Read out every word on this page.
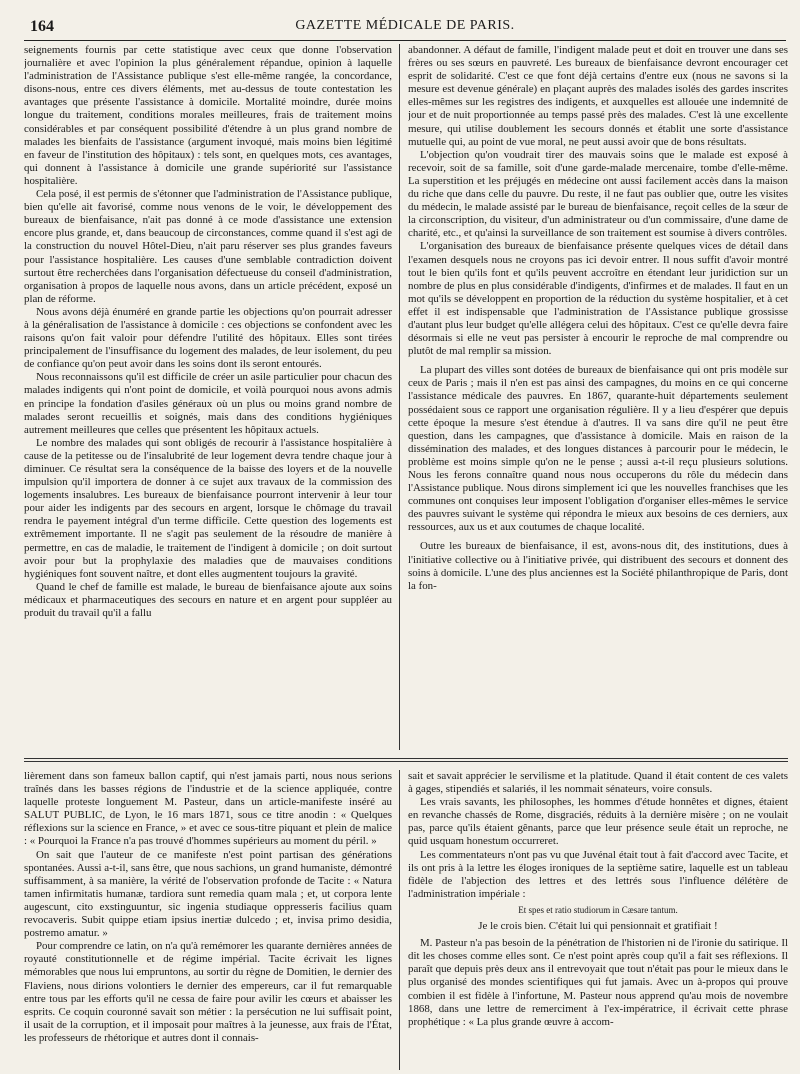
164	GAZETTE MÉDICALE DE PARIS.

seignements fournis par cette statistique avec ceux que donne l'observation journalière et avec l'opinion la plus généralement répandue, opinion à laquelle l'administration de l'Assistance publique s'est elle-même rangée, la concordance, disons-nous, entre ces divers éléments, met au-dessus de toute contestation les avantages que présente l'assistance à domicile. Mortalité moindre, durée moins longue du traitement, conditions morales meilleures, frais de traitement moins considérables et par conséquent possibilité d'étendre à un plus grand nombre de malades les bienfaits de l'assistance (argument invoqué, mais moins bien légitimé en faveur de l'institution des hôpitaux) : tels sont, en quelques mots, ces avantages, qui donnent à l'assistance à domicile une grande supériorité sur l'assistance hospitalière.

Cela posé, il est permis de s'étonner que l'administration de l'Assistance publique, bien qu'elle ait favorisé, comme nous venons de le voir, le développement des bureaux de bienfaisance, n'ait pas donné à ce mode d'assistance une extension encore plus grande, et, dans beaucoup de circonstances, comme quand il s'est agi de la construction du nouvel Hôtel-Dieu, n'ait paru réserver ses plus grandes faveurs pour l'assistance hospitalière. Les causes d'une semblable contradiction doivent surtout être recherchées dans l'organisation défectueuse du conseil d'administration, organisation à propos de laquelle nous avons, dans un article précédent, exposé un plan de réforme.

Nous avons déjà énuméré en grande partie les objections qu'on pourrait adresser à la généralisation de l'assistance à domicile : ces objections se confondent avec les raisons qu'on fait valoir pour défendre l'utilité des hôpitaux. Elles sont tirées principalement de l'insuffisance du logement des malades, de leur isolement, du peu de confiance qu'on peut avoir dans les soins dont ils seront entourés.

Nous reconnaissons qu'il est difficile de créer un asile particulier pour chacun des malades indigents qui n'ont point de domicile, et voilà pourquoi nous avons admis en principe la fondation d'asiles généraux où un plus ou moins grand nombre de malades seront recueillis et soignés, mais dans des conditions hygiéniques autrement meilleures que celles que présentent les hôpitaux actuels.

Le nombre des malades qui sont obligés de recourir à l'assistance hospitalière à cause de la petitesse ou de l'insalubrité de leur logement devra tendre chaque jour à diminuer. Ce résultat sera la conséquence de la baisse des loyers et de la nouvelle impulsion qu'il importera de donner à ce sujet aux travaux de la commission des logements insalubres. Les bureaux de bienfaisance pourront intervenir à leur tour pour aider les indigents par des secours en argent, lorsque le chômage du travail rendra le payement intégral d'un terme difficile. Cette question des logements est extrêmement importante. Il ne s'agit pas seulement de la résoudre de manière à permettre, en cas de maladie, le traitement de l'indigent à domicile ; on doit surtout avoir pour but la prophylaxie des maladies que de mauvaises conditions hygiéniques font souvent naître, et dont elles augmentent toujours la gravité.

Quand le chef de famille est malade, le bureau de bienfaisance ajoute aux soins médicaux et pharmaceutiques des secours en nature et en argent pour suppléer au produit du travail qu'il a fallu

abandonner. A défaut de famille, l'indigent malade peut et doit en trouver une dans ses frères ou ses sœurs en pauvreté. Les bureaux de bienfaisance devront encourager cet esprit de solidarité. C'est ce que font déjà certains d'entre eux (nous ne savons si la mesure est devenue générale) en plaçant auprès des malades isolés des gardes inscrites elles-mêmes sur les registres des indigents, et auxquelles est allouée une indemnité de jour et de nuit proportionnée au temps passé près des malades. C'est là une excellente mesure, qui utilise doublement les secours donnés et établit une sorte d'assistance mutuelle qui, au point de vue moral, ne peut aussi avoir que de bons résultats.

L'objection qu'on voudrait tirer des mauvais soins que le malade est exposé à recevoir, soit de sa famille, soit d'une garde-malade mercenaire, tombe d'elle-même. La superstition et les préjugés en médecine ont aussi facilement accès dans la maison du riche que dans celle du pauvre. Du reste, il ne faut pas oublier que, outre les visites du médecin, le malade assisté par le bureau de bienfaisance, reçoit celles de la sœur de la circonscription, du visiteur, d'un administrateur ou d'un commissaire, d'une dame de charité, etc., et qu'ainsi la surveillance de son traitement est soumise à divers contrôles.

L'organisation des bureaux de bienfaisance présente quelques vices de détail dans l'examen desquels nous ne croyons pas ici devoir entrer. Il nous suffit d'avoir montré tout le bien qu'ils font et qu'ils peuvent accroître en étendant leur juridiction sur un nombre de plus en plus considérable d'indigents, d'infirmes et de malades. Il faut en un mot qu'ils se développent en proportion de la réduction du système hospitalier, et à cet effet il est indispensable que l'administration de l'Assistance publique grossisse d'autant plus leur budget qu'elle allégera celui des hôpitaux. C'est ce qu'elle devra faire désormais si elle ne veut pas persister à encourir le reproche de mal comprendre ou plutôt de mal remplir sa mission.

La plupart des villes sont dotées de bureaux de bienfaisance qui ont pris modèle sur ceux de Paris ; mais il n'en est pas ainsi des campagnes, du moins en ce qui concerne l'assistance médicale des pauvres. En 1867, quarante-huit départements seulement possédaient sous ce rapport une organisation régulière. Il y a lieu d'espérer que depuis cette époque la mesure s'est étendue à d'autres. Il va sans dire qu'il ne peut être question, dans les campagnes, que d'assistance à domicile. Mais en raison de la dissémination des malades, et des longues distances à parcourir pour le médecin, le problème est moins simple qu'on ne le pense ; aussi a-t-il reçu plusieurs solutions. Nous les ferons connaître quand nous nous occuperons du rôle du médecin dans l'Assistance publique. Nous dirons simplement ici que les nouvelles franchises que les communes ont conquises leur imposent l'obligation d'organiser elles-mêmes le service des pauvres suivant le système qui répondra le mieux aux besoins de ces derniers, aux ressources, aux us et aux coutumes de chaque localité.

Outre les bureaux de bienfaisance, il est, avons-nous dit, des institutions, dues à l'initiative collective ou à l'initiative privée, qui distribuent des secours et donnent des soins à domicile. L'une des plus anciennes est la Société philanthropique de Paris, dont la fon-

lièrement dans son fameux ballon captif, qui n'est jamais parti, nous nous serions traînés dans les basses régions de l'industrie et de la science appliquée, contre laquelle proteste longuement M. Pasteur, dans un article-manifeste inséré au SALUT PUBLIC, de Lyon, le 16 mars 1871, sous ce titre anodin : « Quelques réflexions sur la science en France, » et avec ce sous-titre piquant et plein de malice : « Pourquoi la France n'a pas trouvé d'hommes supérieurs au moment du péril. »

On sait que l'auteur de ce manifeste n'est point partisan des générations spontanées. Aussi a-t-il, sans être, que nous sachions, un grand humaniste, démontré suffisamment, à sa manière, la vérité de l'observation profonde de Tacite : « Natura tamen infirmitatis humanæ, tardiora sunt remedia quam mala ; et, ut corpora lente augescunt, cito exstinguuntur, sic ingenia studiaque oppresseris facilius quam revocaveris. Subit quippe etiam ipsius inertiæ dulcedo ; et, invisa primo desidia, postremo amatur. »

Pour comprendre ce latin, on n'a qu'à remémorer les quarante dernières années de royauté constitutionnelle et de régime impérial. Tacite écrivait les lignes mémorables que nous lui empruntons, au sortir du règne de Domitien, le dernier des Flaviens, nous dirions volontiers le dernier des empereurs, car il fut remarquable entre tous par les efforts qu'il ne cessa de faire pour avilir les cœurs et abaisser les esprits. Ce coquin couronné savait son métier : la persécution ne lui suffisait point, il usait de la corruption, et il imposait pour maîtres à la jeunesse, aux frais de l'État, les professeurs de rhétorique et autres dont il connais-

sait et savait apprécier le servilisme et la platitude. Quand il était content de ces valets à gages, stipendiés et salariés, il les nommait sénateurs, voire consuls.

Les vrais savants, les philosophes, les hommes d'étude honnêtes et dignes, étaient en revanche chassés de Rome, disgraciés, réduits à la dernière misère ; on ne voulait pas, parce qu'ils étaient gênants, parce que leur présence seule était un reproche, ne quid usquam honestum occurreret.

Les commentateurs n'ont pas vu que Juvénal était tout à fait d'accord avec Tacite, et ils ont pris à la lettre les éloges ironiques de la septième satire, laquelle est un tableau fidèle de l'abjection des lettres et des lettrés sous l'influence délétère de l'administration impériale :

Et spes et ratio studiorum in Cæsare tantum.

Je le crois bien. C'était lui qui pensionnait et gratifiait !

M. Pasteur n'a pas besoin de la pénétration de l'historien ni de l'ironie du satirique. Il dit les choses comme elles sont. Ce n'est point après coup qu'il a fait ses réflexions. Il paraît que depuis près deux ans il entrevoyait que tout n'était pas pour le mieux dans le plus organisé des mondes scientifiques qui fut jamais. Avec un à-propos qui prouve combien il est fidèle à l'infortune, M. Pasteur nous apprend qu'au mois de novembre 1868, dans une lettre de remerciment à l'ex-impératrice, il écrivait cette phrase prophétique : « La plus grande œuvre à accom-
